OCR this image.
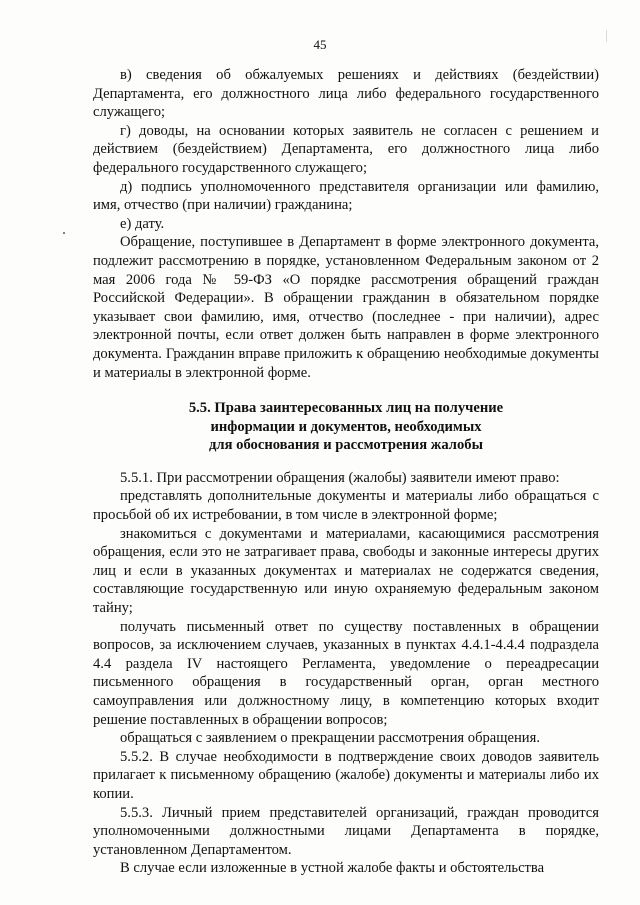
45

в) сведения об обжалуемых решениях и действиях (бездействии) Департамента, его должностного лица либо федерального государственного служащего;

г) доводы, на основании которых заявитель не согласен с решением и действием (бездействием) Департамента, его должностного лица либо федерального государственного служащего;

д) подпись уполномоченного представителя организации или фамилию, имя, отчество (при наличии) гражданина;

е) дату.

Обращение, поступившее в Департамент в форме электронного документа, подлежит рассмотрению в порядке, установленном Федеральным законом от 2 мая 2006 года № 59-ФЗ «О порядке рассмотрения обращений граждан Российской Федерации». В обращении гражданин в обязательном порядке указывает свои фамилию, имя, отчество (последнее - при наличии), адрес электронной почты, если ответ должен быть направлен в форме электронного документа. Гражданин вправе приложить к обращению необходимые документы и материалы в электронной форме.

5.5. Права заинтересованных лиц на получение
информации и документов, необходимых
для обоснования и рассмотрения жалобы

5.5.1. При рассмотрении обращения (жалобы) заявители имеют право:

представлять дополнительные документы и материалы либо обращаться с просьбой об их истребовании, в том числе в электронной форме;

знакомиться с документами и материалами, касающимися рассмотрения обращения, если это не затрагивает права, свободы и законные интересы других лиц и если в указанных документах и материалах не содержатся сведения, составляющие государственную или иную охраняемую федеральным законом тайну;

получать письменный ответ по существу поставленных в обращении вопросов, за исключением случаев, указанных в пунктах 4.4.1-4.4.4 подраздела 4.4 раздела IV настоящего Регламента, уведомление о переадресации письменного обращения в государственный орган, орган местного самоуправления или должностному лицу, в компетенцию которых входит решение поставленных в обращении вопросов;

обращаться с заявлением о прекращении рассмотрения обращения.

5.5.2. В случае необходимости в подтверждение своих доводов заявитель прилагает к письменному обращению (жалобе) документы и материалы либо их копии.

5.5.3. Личный прием представителей организаций, граждан проводится уполномоченными должностными лицами Департамента в порядке, установленном Департаментом.

В случае если изложенные в устной жалобе факты и обстоятельства
